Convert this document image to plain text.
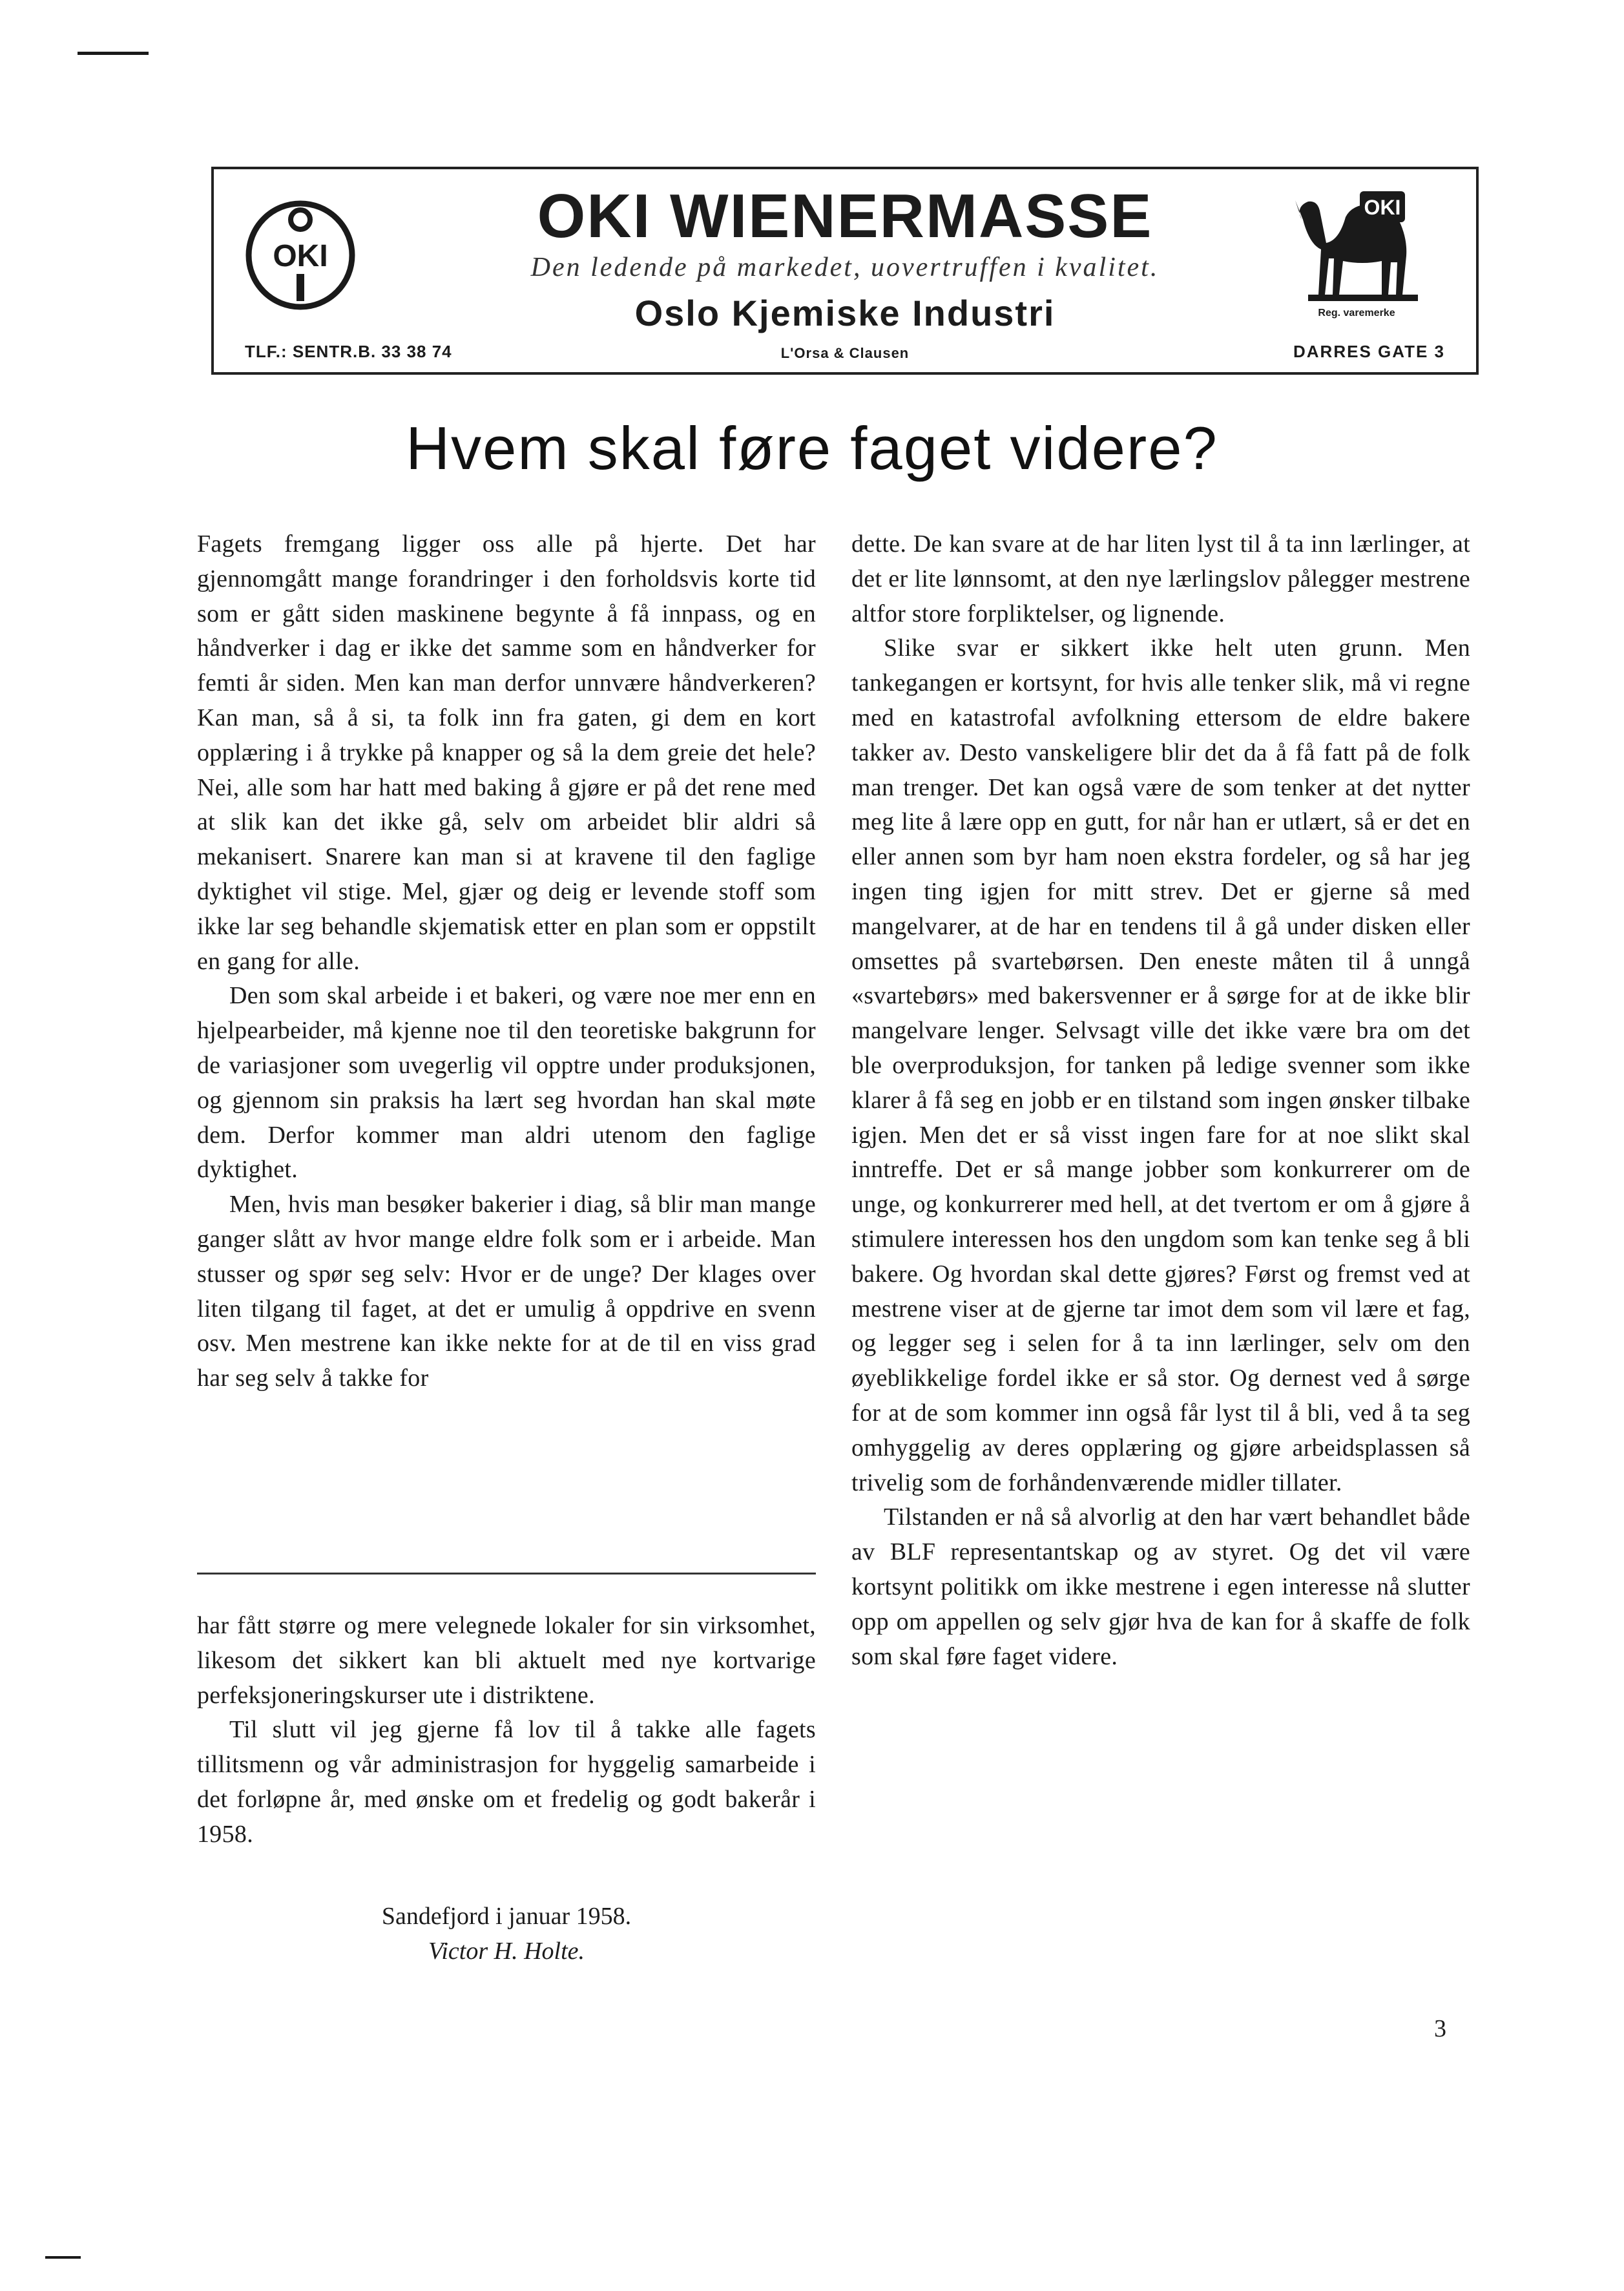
OKI
TLF.: SENTR.B. 33 38 74
OKI WIENERMASSE
Den ledende på markedet, uovertruffen i kvalitet.
Oslo Kjemiske Industri
L'Orsa & Clausen
OKI
Reg. varemerke
DARRES GATE 3
Hvem skal føre faget videre?

Fagets fremgang ligger oss alle på hjerte. Det har gjennomgått mange forandringer i den forholdsvis korte tid som er gått siden maskinene begynte å få innpass, og en håndverker i dag er ikke det samme som en håndverker for femti år siden. Men kan man derfor unnvære håndverkeren? Kan man, så å si, ta folk inn fra gaten, gi dem en kort opplæring i å trykke på knapper og så la dem greie det hele? Nei, alle som har hatt med baking å gjøre er på det rene med at slik kan det ikke gå, selv om arbeidet blir aldri så mekanisert. Snarere kan man si at kravene til den faglige dyktighet vil stige. Mel, gjær og deig er levende stoff som ikke lar seg behandle skjematisk etter en plan som er oppstilt en gang for alle.

Den som skal arbeide i et bakeri, og være noe mer enn en hjelpearbeider, må kjenne noe til den teoretiske bakgrunn for de variasjoner som uvegerlig vil opptre under produksjonen, og gjennom sin praksis ha lært seg hvordan han skal møte dem. Derfor kommer man aldri utenom den faglige dyktighet.

Men, hvis man besøker bakerier i diag, så blir man mange ganger slått av hvor mange eldre folk som er i arbeide. Man stusser og spør seg selv: Hvor er de unge? Der klages over liten tilgang til faget, at det er umulig å oppdrive en svenn osv. Men mestrene kan ikke nekte for at de til en viss grad har seg selv å takke for

har fått større og mere velegnede lokaler for sin virksomhet, likesom det sikkert kan bli aktuelt med nye kortvarige perfeksjoneringskurser ute i distriktene.

Til slutt vil jeg gjerne få lov til å takke alle fagets tillitsmenn og vår administrasjon for hyggelig samarbeide i det forløpne år, med ønske om et fredelig og godt bakerår i 1958.

Sandefjord i januar 1958.
Victor H. Holte.

dette. De kan svare at de har liten lyst til å ta inn lærlinger, at det er lite lønnsomt, at den nye lærlingslov pålegger mestrene altfor store forpliktelser, og lignende.

Slike svar er sikkert ikke helt uten grunn. Men tankegangen er kortsynt, for hvis alle tenker slik, må vi regne med en katastrofal avfolkning ettersom de eldre bakere takker av. Desto vanskeligere blir det da å få fatt på de folk man trenger. Det kan også være de som tenker at det nytter meg lite å lære opp en gutt, for når han er utlært, så er det en eller annen som byr ham noen ekstra fordeler, og så har jeg ingen ting igjen for mitt strev. Det er gjerne så med mangelvarer, at de har en tendens til å gå under disken eller omsettes på svartebørsen. Den eneste måten til å unngå «svartebørs» med bakersvenner er å sørge for at de ikke blir mangelvare lenger. Selvsagt ville det ikke være bra om det ble overproduksjon, for tanken på ledige svenner som ikke klarer å få seg en jobb er en tilstand som ingen ønsker tilbake igjen. Men det er så visst ingen fare for at noe slikt skal inntreffe. Det er så mange jobber som konkurrerer om de unge, og konkurrerer med hell, at det tvertom er om å gjøre å stimulere interessen hos den ungdom som kan tenke seg å bli bakere. Og hvordan skal dette gjøres? Først og fremst ved at mestrene viser at de gjerne tar imot dem som vil lære et fag, og legger seg i selen for å ta inn lærlinger, selv om den øyeblikkelige fordel ikke er så stor. Og dernest ved å sørge for at de som kommer inn også får lyst til å bli, ved å ta seg omhyggelig av deres opplæring og gjøre arbeidsplassen så trivelig som de forhåndenværende midler tillater.

Tilstanden er nå så alvorlig at den har vært behandlet både av BLF representantskap og av styret. Og det vil være kortsynt politikk om ikke mestrene i egen interesse nå slutter opp om appellen og selv gjør hva de kan for å skaffe de folk som skal føre faget videre.

3
